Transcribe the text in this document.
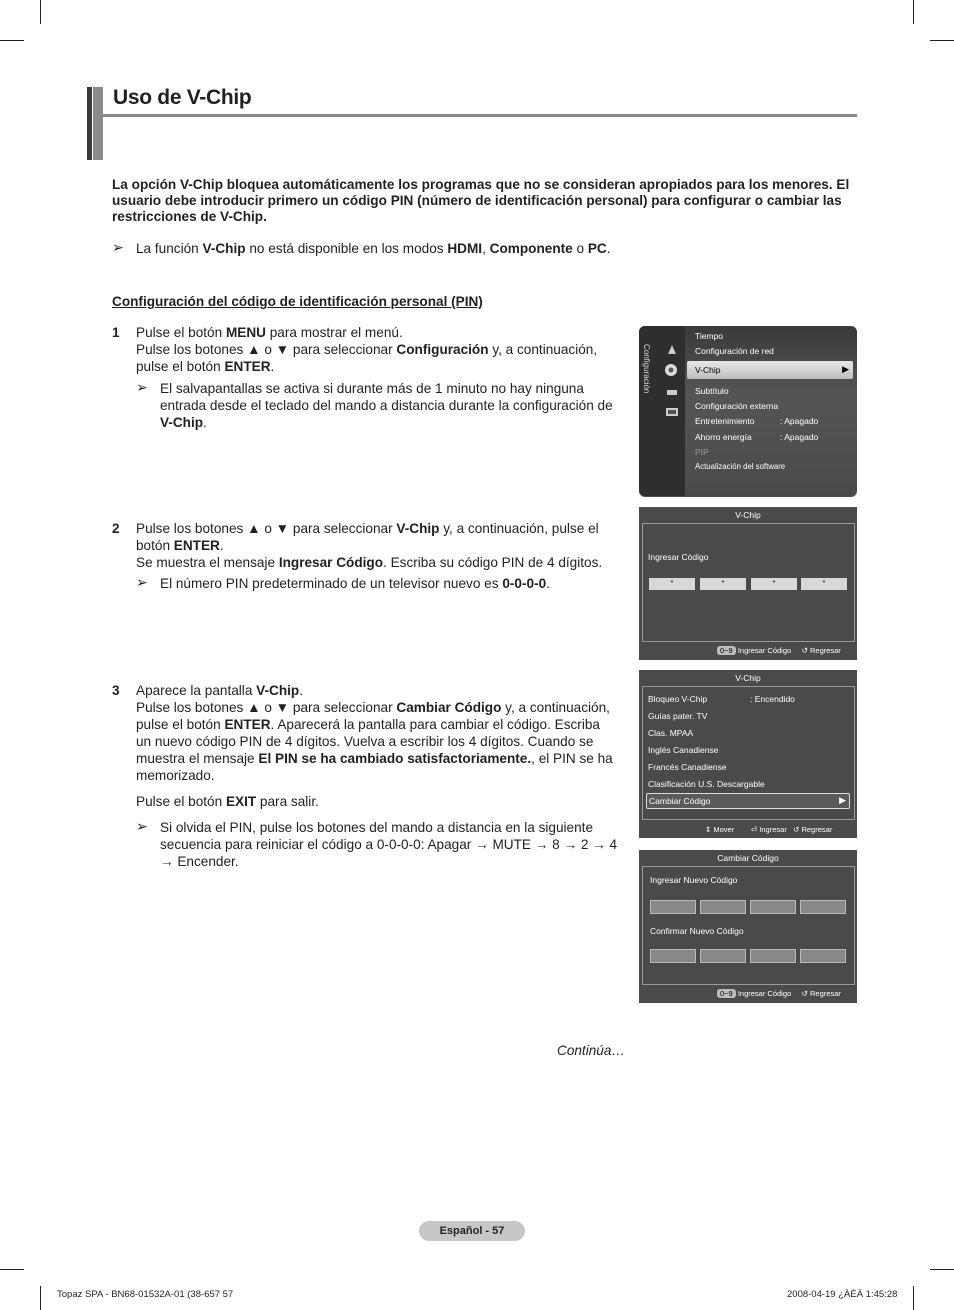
Uso de V-Chip
La opción V-Chip bloquea automáticamente los programas que no se consideran apropiados para los menores. El usuario debe introducir primero un código PIN (número de identificación personal) para configurar o cambiar las restricciones de V-Chip.
➢ La función V-Chip no está disponible en los modos HDMI, Componente o PC.
Configuración del código de identificación personal (PIN)
1 Pulse el botón MENU para mostrar el menú.
Pulse los botones ▲ o ▼ para seleccionar Configuración y, a continuación,
pulse el botón ENTER.
➢ El salvapantallas se activa si durante más de 1 minuto no hay ninguna entrada desde el teclado del mando a distancia durante la configuración de V-Chip.
2 Pulse los botones ▲ o ▼ para seleccionar V-Chip y, a continuación, pulse el
botón ENTER.
Se muestra el mensaje Ingresar Código. Escriba su código PIN de 4 dígitos.
➢ El número PIN predeterminado de un televisor nuevo es 0-0-0-0.
3 Aparece la pantalla V-Chip.
Pulse los botones ▲ o ▼ para seleccionar Cambiar Código y, a continuación,
pulse el botón ENTER. Aparecerá la pantalla para cambiar el código. Escriba
un nuevo código PIN de 4 dígitos. Vuelva a escribir los 4 dígitos. Cuando se
muestra el mensaje El PIN se ha cambiado satisfactoriamente., el PIN se ha
memorizado.
Pulse el botón EXIT para salir.
➢ Si olvida el PIN, pulse los botones del mando a distancia en la siguiente
secuencia para reiniciar el código a 0-0-0-0: Apagar → MUTE → 8 → 2 → 4
→ Encender.
Continúa…
Configuración
Tiempo
Configuración de red
V-Chip	▶
Subtítulo
Configuración externa
Entretenimiento	: Apagado
Ahorro energía	: Apagado
PIP
Actualización del software
V-Chip
Ingresar Código
*	*	*	*
0~9 Ingresar Código ↺ Regresar
V-Chip
Bloqueo V-Chip	: Encendido
Guías pater. TV
Clas. MPAA
Inglés Canadiense
Francés Canadiense
Clasificación U.S. Descargable
Cambiar Código	▶
⇕ Mover ⏎ Ingresar ↺ Regresar
Cambiar Código
Ingresar Nuevo Código
Confirmar Nuevo Código
0~9 Ingresar Código ↺ Regresar
Español - 57
Topaz SPA - BN68-01532A-01 (38-657 57	2008-04-19 ¿ÀÈÄ 1:45:28
